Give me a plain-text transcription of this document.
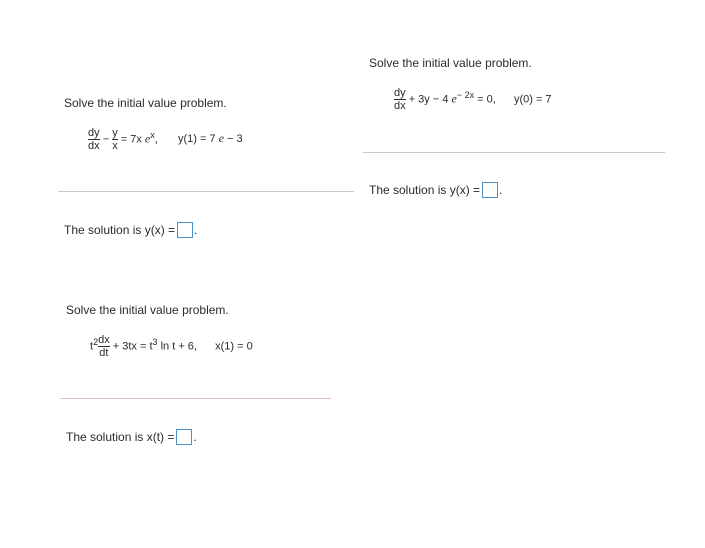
Solve the initial value problem.
$\frac{dy}{dx} - \frac{y}{x} = 7x$ $e^x$, y(1) = 7 e − 3
The solution is y(x) = .
Solve the initial value problem.
$\frac{dy}{dx} + 3y - 4$ $e^{- 2x} = 0$, y(0) = 7
The solution is y(x) = .
Solve the initial value problem.
$t^2 \frac{dx}{dt} + 3tx = t^3$ ln t + 6, x(1) = 0
The solution is x(t) = .
